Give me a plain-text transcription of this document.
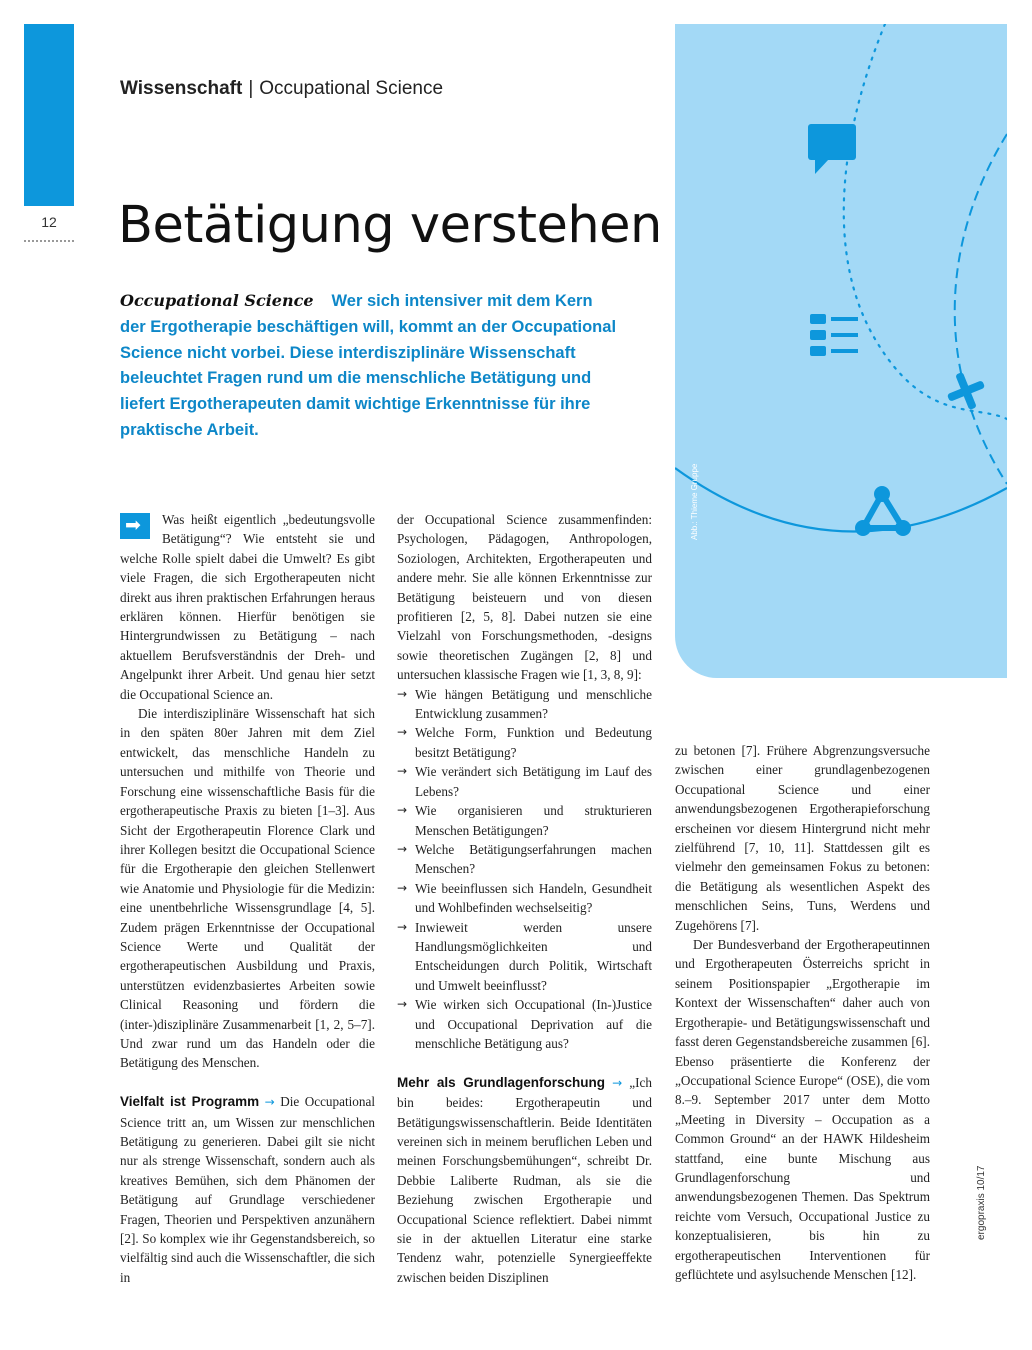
12
Wissenschaft | Occupational Science
Betätigung verstehen
Occupational Science Wer sich intensiver mit dem Kern der Ergotherapie beschäftigen will, kommt an der Occupational Science nicht vorbei. Diese interdisziplinäre Wissenschaft beleuchtet Fragen rund um die menschliche Betätigung und liefert Ergotherapeuten damit wichtige Erkenntnisse für ihre praktische Arbeit.
Abb.: Thieme Gruppe

➡
Was heißt eigentlich „bedeutungsvolle Betätigung“? Wie entsteht sie und welche Rolle spielt dabei die Umwelt? Es gibt viele Fragen, die sich Ergotherapeuten nicht direkt aus ihren praktischen Erfahrungen heraus erklären können. Hierfür benötigen sie Hintergrundwissen zu Betätigung – nach aktuellem Berufsverständnis der Dreh- und Angelpunkt ihrer Arbeit. Und genau hier setzt die Occupational Science an.

Die interdisziplinäre Wissenschaft hat sich in den späten 80er Jahren mit dem Ziel entwickelt, das menschliche Handeln zu untersuchen und mithilfe von Theorie und Forschung eine wissenschaftliche Basis für die ergotherapeutische Praxis zu bieten [1–3]. Aus Sicht der Ergotherapeutin Florence Clark und ihrer Kollegen besitzt die Occupational Science für die Ergotherapie den gleichen Stellenwert wie Anatomie und Physiologie für die Medizin: eine unentbehrliche Wissensgrundlage [4, 5]. Zudem prägen Erkenntnisse der Occupational Science Werte und Qualität der ergotherapeutischen Ausbildung und Praxis, unterstützen evidenzbasiertes Arbeiten sowie Clinical Reasoning und fördern die (inter-)disziplinäre Zusammenarbeit [1, 2, 5–7]. Und zwar rund um das Handeln oder die Betätigung des Menschen.

Vielfalt ist Programm → Die Occupational Science tritt an, um Wissen zur menschlichen Betätigung zu generieren. Dabei gilt sie nicht nur als strenge Wissenschaft, sondern auch als kreatives Bemühen, sich dem Phänomen der Betätigung auf Grundlage verschiedener Fragen, Theorien und Perspektiven anzunähern [2]. So komplex wie ihr Gegenstandsbereich, so vielfältig sind auch die Wissenschaftler, die sich in

der Occupational Science zusammenfinden: Psychologen, Pädagogen, Anthropologen, Soziologen, Architekten, Ergotherapeuten und andere mehr. Sie alle können Erkenntnisse zur Betätigung beisteuern und von diesen profitieren [2, 5, 8]. Dabei nutzen sie eine Vielzahl von Forschungsmethoden, -designs sowie theoretischen Zugängen [2, 8] und untersuchen klassische Fragen wie [1, 3, 8, 9]:

→ Wie hängen Betätigung und menschliche Entwicklung zusammen?
→ Welche Form, Funktion und Bedeutung besitzt Betätigung?
→ Wie verändert sich Betätigung im Lauf des Lebens?
→ Wie organisieren und strukturieren Menschen Betätigungen?
→ Welche Betätigungserfahrungen machen Menschen?
→ Wie beeinflussen sich Handeln, Gesundheit und Wohlbefinden wechselseitig?
→ Inwieweit werden unsere Handlungsmöglichkeiten und Entscheidungen durch Politik, Wirtschaft und Umwelt beeinflusst?
→ Wie wirken sich Occupational (In-)Justice und Occupational Deprivation auf die menschliche Betätigung aus?

Mehr als Grundlagenforschung → „Ich bin beides: Ergotherapeutin und Betätigungswissenschaftlerin. Beide Identitäten vereinen sich in meinem beruflichen Leben und meinen Forschungsbemühungen“, schreibt Dr. Debbie Laliberte Rudman, als sie die Beziehung zwischen Ergotherapie und Occupational Science reflektiert. Dabei nimmt sie in der aktuellen Literatur eine starke Tendenz wahr, potenzielle Synergieeffekte zwischen beiden Disziplinen

zu betonen [7]. Frühere Abgrenzungsversuche zwischen einer grundlagenbezogenen Occupational Science und einer anwendungsbezogenen Ergotherapieforschung erscheinen vor diesem Hintergrund nicht mehr zielführend [7, 10, 11]. Stattdessen gilt es vielmehr den gemeinsamen Fokus zu betonen: die Betätigung als wesentlichen Aspekt des menschlichen Seins, Tuns, Werdens und Zugehörens [7].

Der Bundesverband der Ergotherapeutinnen und Ergotherapeuten Österreichs spricht in seinem Positionspapier „Ergotherapie im Kontext der Wissenschaften“ daher auch von Ergotherapie- und Betätigungswissenschaft und fasst deren Gegenstandsbereiche zusammen [6]. Ebenso präsentierte die Konferenz der „Occupational Science Europe“ (OSE), die vom 8.–9. September 2017 unter dem Motto „Meeting in Diversity – Occupation as a Common Ground“ an der HAWK Hildesheim stattfand, eine bunte Mischung aus Grundlagenforschung und anwendungsbezogenen Themen. Das Spektrum reichte vom Versuch, Occupational Justice zu konzeptualisieren, bis hin zu ergotherapeutischen Interventionen für geflüchtete und asylsuchende Menschen [12].

ergopraxis 10/17
